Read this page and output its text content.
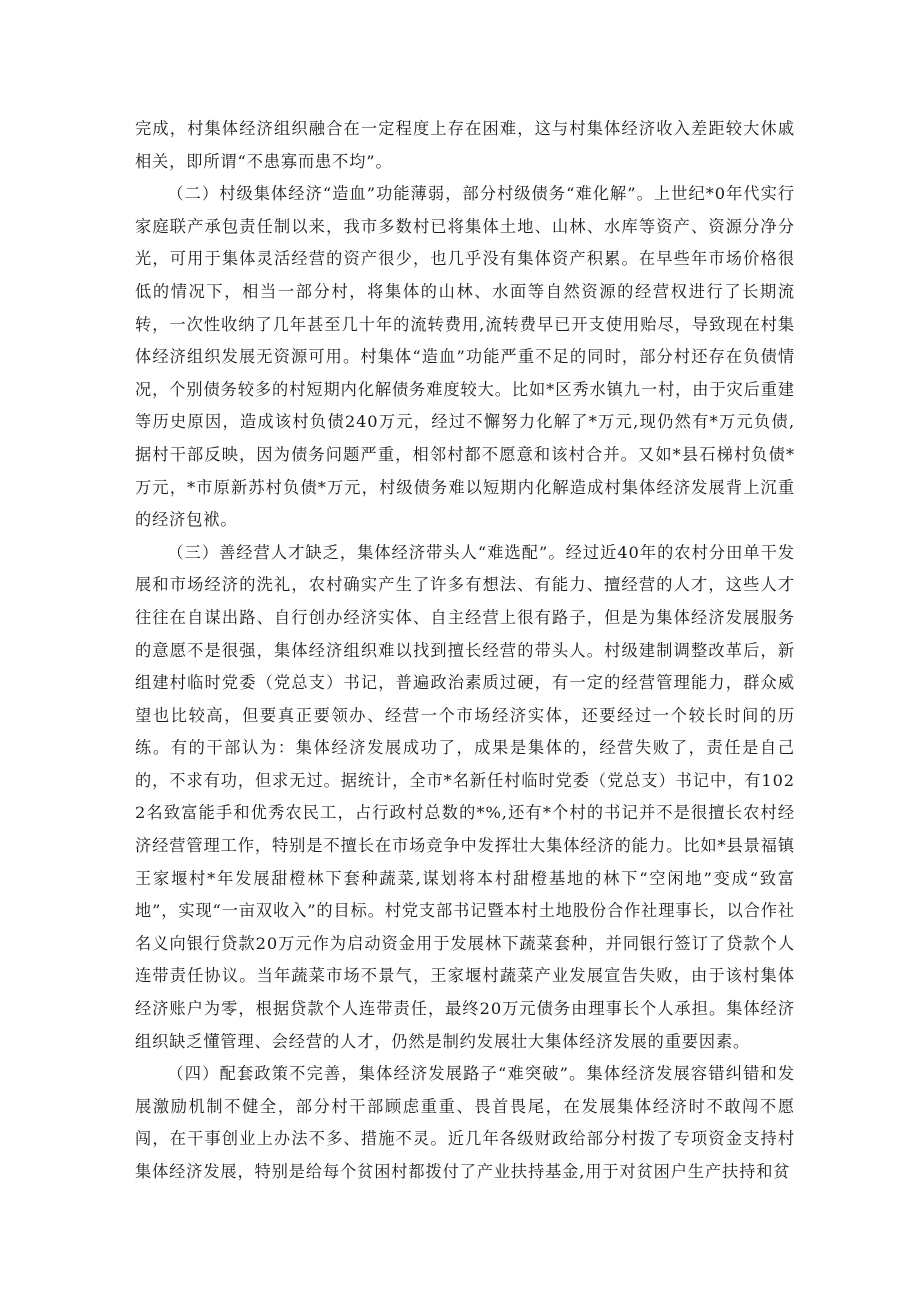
完成，村集体经济组织融合在一定程度上存在困难，这与村集体经济收入差距较大休戚相关，即所谓“不患寡而患不均”。

（二）村级集体经济“造血”功能薄弱，部分村级债务“难化解”。上世纪*0年代实行家庭联产承包责任制以来，我市多数村已将集体土地、山林、水库等资产、资源分净分光，可用于集体灵活经营的资产很少，也几乎没有集体资产积累。在早些年市场价格很低的情况下，相当一部分村，将集体的山林、水面等自然资源的经营权进行了长期流转，一次性收纳了几年甚至几十年的流转费用,流转费早已开支使用贻尽，导致现在村集体经济组织发展无资源可用。村集体“造血”功能严重不足的同时，部分村还存在负债情况，个别债务较多的村短期内化解债务难度较大。比如*区秀水镇九一村，由于灾后重建等历史原因，造成该村负债240万元，经过不懈努力化解了*万元,现仍然有*万元负债,据村干部反映，因为债务问题严重，相邻村都不愿意和该村合并。又如*县石梯村负债*万元，*市原新苏村负债*万元，村级债务难以短期内化解造成村集体经济发展背上沉重的经济包袱。

（三）善经营人才缺乏，集体经济带头人“难选配”。经过近40年的农村分田单干发展和市场经济的洗礼，农村确实产生了许多有想法、有能力、擅经营的人才，这些人才往往在自谋出路、自行创办经济实体、自主经营上很有路子，但是为集体经济发展服务的意愿不是很强，集体经济组织难以找到擅长经营的带头人。村级建制调整改革后，新组建村临时党委（党总支）书记，普遍政治素质过硬，有一定的经营管理能力，群众威望也比较高，但要真正要领办、经营一个市场经济实体，还要经过一个较长时间的历练。有的干部认为：集体经济发展成功了，成果是集体的，经营失败了，责任是自己的，不求有功，但求无过。据统计，全市*名新任村临时党委（党总支）书记中，有1022名致富能手和优秀农民工，占行政村总数的*%,还有*个村的书记并不是很擅长农村经济经营管理工作，特别是不擅长在市场竞争中发挥壮大集体经济的能力。比如*县景福镇王家堰村*年发展甜橙林下套种蔬菜,谋划将本村甜橙基地的林下“空闲地”变成“致富地”，实现“一亩双收入”的目标。村党支部书记暨本村土地股份合作社理事长，以合作社名义向银行贷款20万元作为启动资金用于发展林下蔬菜套种，并同银行签订了贷款个人连带责任协议。当年蔬菜市场不景气，王家堰村蔬菜产业发展宣告失败，由于该村集体经济账户为零，根据贷款个人连带责任，最终20万元债务由理事长个人承担。集体经济组织缺乏懂管理、会经营的人才，仍然是制约发展壮大集体经济发展的重要因素。

（四）配套政策不完善，集体经济发展路子“难突破”。集体经济发展容错纠错和发展激励机制不健全，部分村干部顾虑重重、畏首畏尾，在发展集体经济时不敢闯不愿闯，在干事创业上办法不多、措施不灵。近几年各级财政给部分村拨了专项资金支持村集体经济发展，特别是给每个贫困村都拨付了产业扶持基金,用于对贫困户生产扶持和贫
